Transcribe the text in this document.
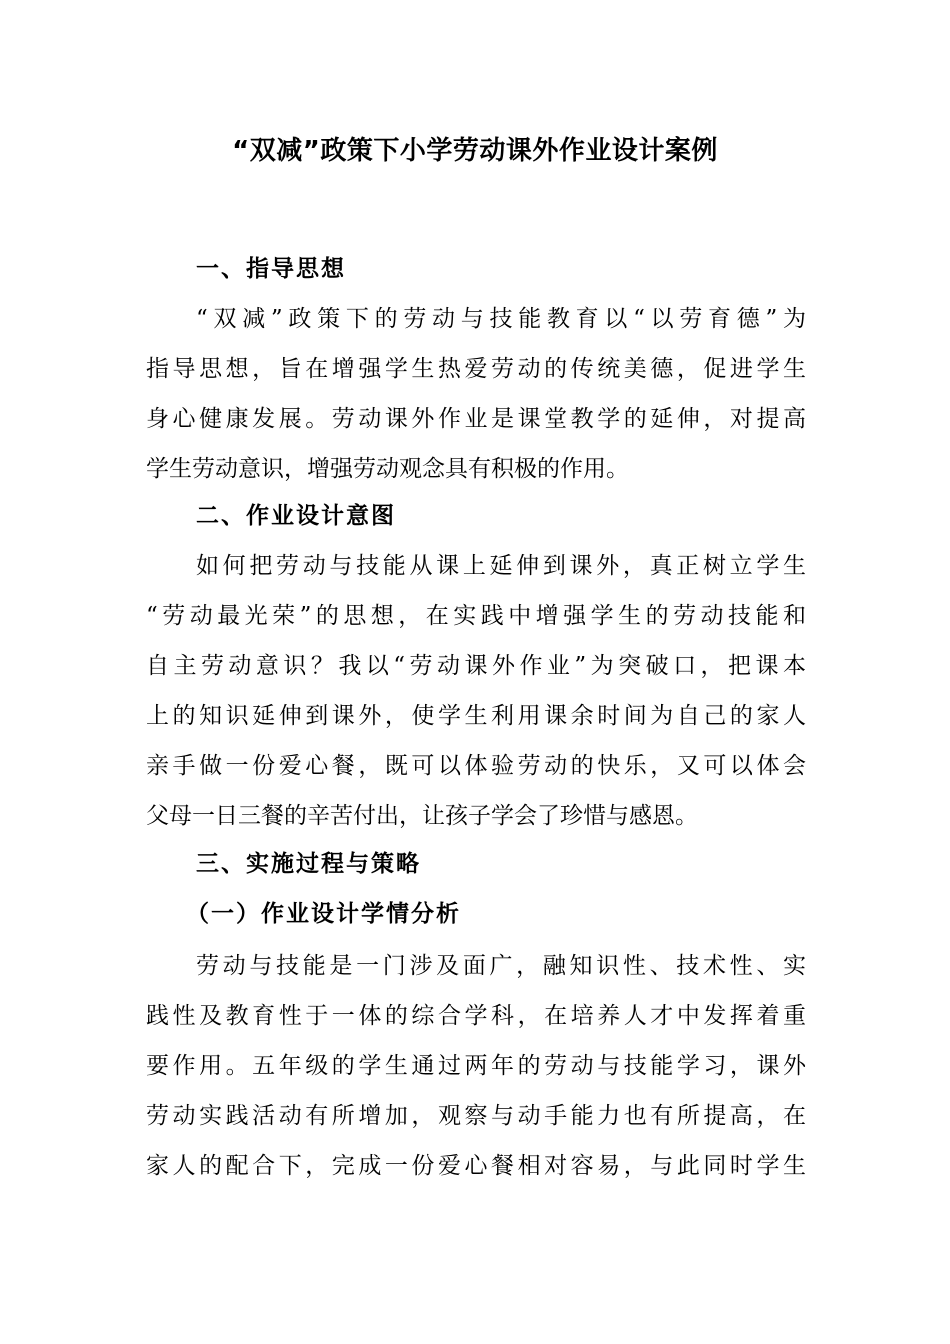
“双减”政策下小学劳动课外作业设计案例
一、指导思想
“双减”政策下的劳动与技能教育以“以劳育德”为
指导思想，旨在增强学生热爱劳动的传统美德，促进学生
身心健康发展。劳动课外作业是课堂教学的延伸，对提高
学生劳动意识，增强劳动观念具有积极的作用。
二、作业设计意图
如何把劳动与技能从课上延伸到课外，真正树立学生
“劳动最光荣”的思想，在实践中增强学生的劳动技能和
自主劳动意识？我以“劳动课外作业”为突破口，把课本
上的知识延伸到课外，使学生利用课余时间为自己的家人
亲手做一份爱心餐，既可以体验劳动的快乐，又可以体会
父母一日三餐的辛苦付出，让孩子学会了珍惜与感恩。
三、实施过程与策略
（一）作业设计学情分析
劳动与技能是一门涉及面广，融知识性、技术性、实
践性及教育性于一体的综合学科，在培养人才中发挥着重
要作用。五年级的学生通过两年的劳动与技能学习，课外
劳动实践活动有所增加，观察与动手能力也有所提高，在
家人的配合下，完成一份爱心餐相对容易，与此同时学生
